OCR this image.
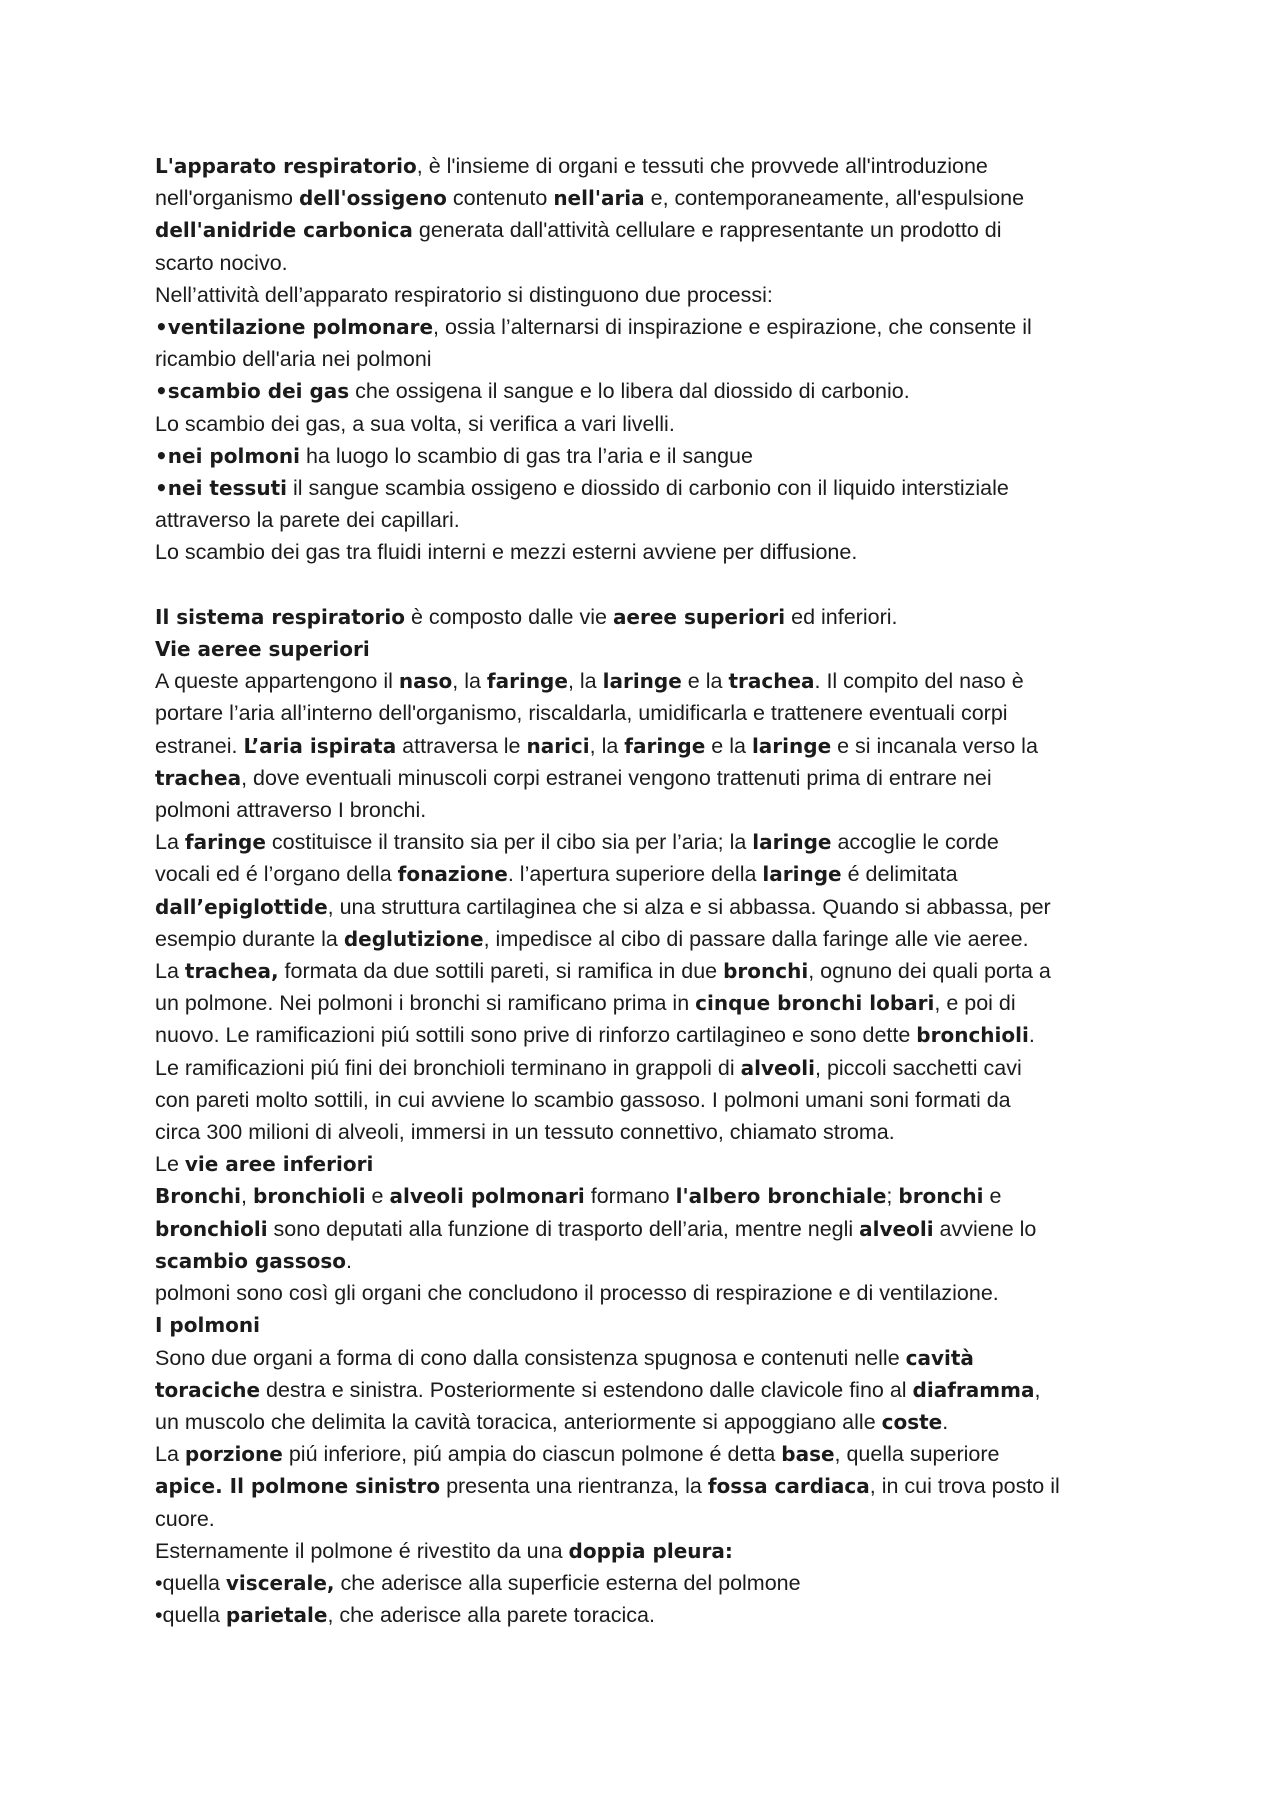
L'apparato respiratorio, è l'insieme di organi e tessuti che provvede all'introduzione
nell'organismo dell'ossigeno contenuto nell'aria e, contemporaneamente, all'espulsione
dell'anidride carbonica generata dall'attività cellulare e rappresentante un prodotto di
scarto nocivo.
Nell’attività dell’apparato respiratorio si distinguono due processi:
•ventilazione polmonare, ossia l’alternarsi di inspirazione e espirazione, che consente il
ricambio dell'aria nei polmoni
•scambio dei gas che ossigena il sangue e lo libera dal diossido di carbonio.
Lo scambio dei gas, a sua volta, si verifica a vari livelli.
•nei polmoni ha luogo lo scambio di gas tra l’aria e il sangue
•nei tessuti il sangue scambia ossigeno e diossido di carbonio con il liquido interstiziale
attraverso la parete dei capillari.
Lo scambio dei gas tra fluidi interni e mezzi esterni avviene per diffusione.
Il sistema respiratorio è composto dalle vie aeree superiori ed inferiori.
Vie aeree superiori
A queste appartengono il naso, la faringe, la laringe e la trachea. Il compito del naso è
portare l’aria all’interno dell'organismo, riscaldarla, umidificarla e trattenere eventuali corpi
estranei. L’aria ispirata attraversa le narici, la faringe e la laringe e si incanala verso la
trachea, dove eventuali minuscoli corpi estranei vengono trattenuti prima di entrare nei
polmoni attraverso I bronchi.
La faringe costituisce il transito sia per il cibo sia per l’aria; la laringe accoglie le corde
vocali ed é l’organo della fonazione. l’apertura superiore della laringe é delimitata
dall’epiglottide, una struttura cartilaginea che si alza e si abbassa. Quando si abbassa, per
esempio durante la deglutizione, impedisce al cibo di passare dalla faringe alle vie aeree.
La trachea, formata da due sottili pareti, si ramifica in due bronchi, ognuno dei quali porta a
un polmone. Nei polmoni i bronchi si ramificano prima in cinque bronchi lobari, e poi di
nuovo. Le ramificazioni piú sottili sono prive di rinforzo cartilagineo e sono dette bronchioli.
Le ramificazioni piú fini dei bronchioli terminano in grappoli di alveoli, piccoli sacchetti cavi
con pareti molto sottili, in cui avviene lo scambio gassoso. I polmoni umani soni formati da
circa 300 milioni di alveoli, immersi in un tessuto connettivo, chiamato stroma.
Le vie aree inferiori
Bronchi, bronchioli e alveoli polmonari formano l'albero bronchiale; bronchi e
bronchioli sono deputati alla funzione di trasporto dell’aria, mentre negli alveoli avviene lo
scambio gassoso.
polmoni sono così gli organi che concludono il processo di respirazione e di ventilazione.
I polmoni
Sono due organi a forma di cono dalla consistenza spugnosa e contenuti nelle cavità
toraciche destra e sinistra. Posteriormente si estendono dalle clavicole fino al diaframma,
un muscolo che delimita la cavità toracica, anteriormente si appoggiano alle coste.
La porzione piú inferiore, piú ampia do ciascun polmone é detta base, quella superiore
apice. Il polmone sinistro presenta una rientranza, la fossa cardiaca, in cui trova posto il
cuore.
Esternamente il polmone é rivestito da una doppia pleura:
•quella viscerale, che aderisce alla superficie esterna del polmone
•quella parietale, che aderisce alla parete toracica.
